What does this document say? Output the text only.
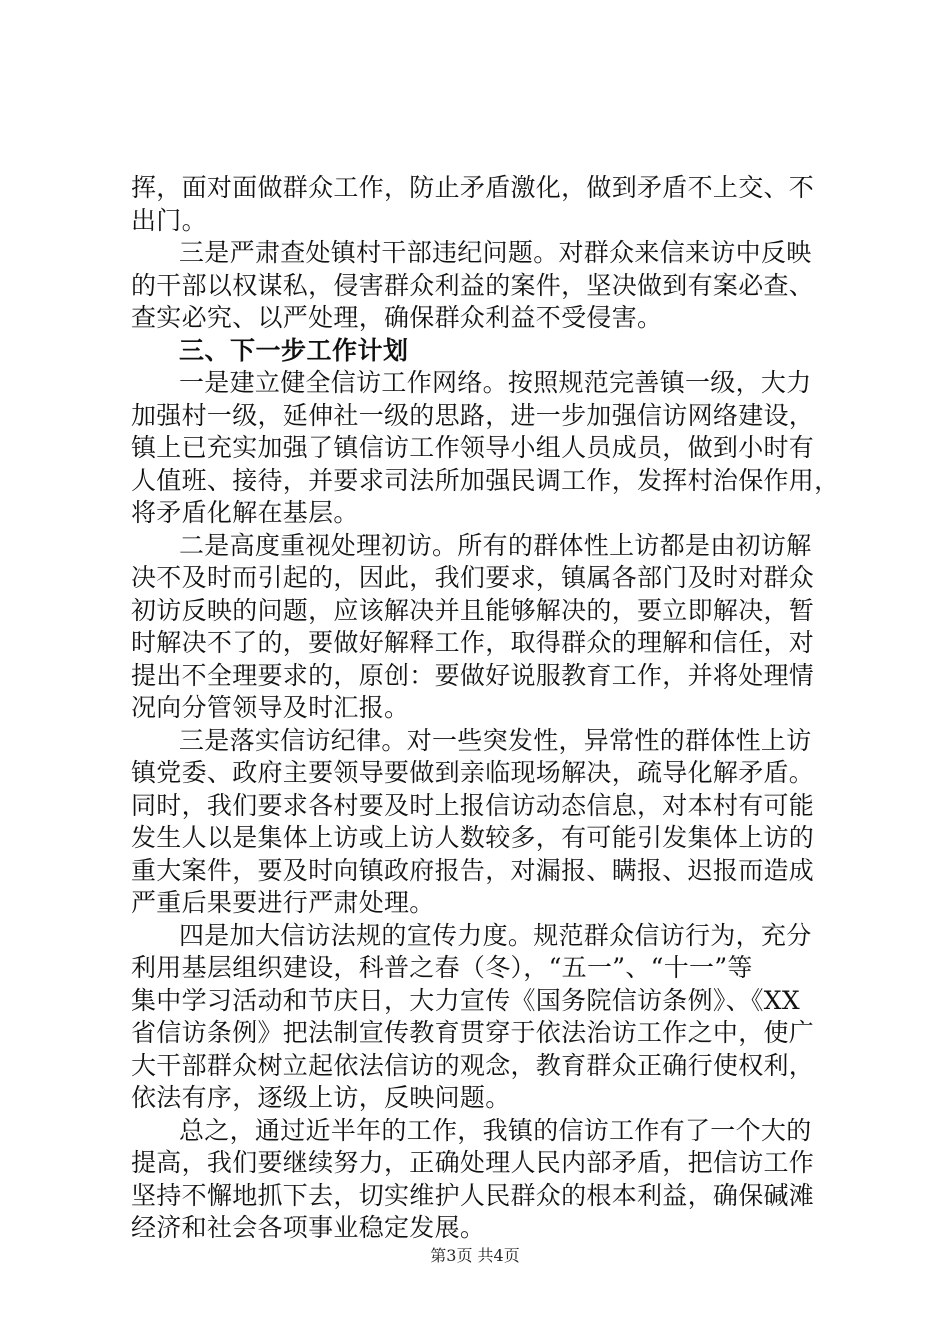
挥，面对面做群众工作，防止矛盾激化，做到矛盾不上交、不
出门。
三是严肃查处镇村干部违纪问题。对群众来信来访中反映
的干部以权谋私，侵害群众利益的案件，坚决做到有案必查、
查实必究、以严处理，确保群众利益不受侵害。
三、下一步工作计划
一是建立健全信访工作网络。按照规范完善镇一级，大力
加强村一级，延伸社一级的思路，进一步加强信访网络建设，
镇上已充实加强了镇信访工作领导小组人员成员，做到小时有
人值班、接待，并要求司法所加强民调工作，发挥村治保作用，
将矛盾化解在基层。
二是高度重视处理初访。所有的群体性上访都是由初访解
决不及时而引起的，因此，我们要求，镇属各部门及时对群众
初访反映的问题，应该解决并且能够解决的，要立即解决，暂
时解决不了的，要做好解释工作，取得群众的理解和信任，对
提出不全理要求的，原创：要做好说服教育工作，并将处理情
况向分管领导及时汇报。
三是落实信访纪律。对一些突发性，异常性的群体性上访
镇党委、政府主要领导要做到亲临现场解决，疏导化解矛盾。
同时，我们要求各村要及时上报信访动态信息，对本村有可能
发生人以是集体上访或上访人数较多，有可能引发集体上访的
重大案件，要及时向镇政府报告，对漏报、瞒报、迟报而造成
严重后果要进行严肃处理。
四是加大信访法规的宣传力度。规范群众信访行为，充分
利用基层组织建设，科普之春（冬），“五一”、“十一”等
集中学习活动和节庆日，大力宣传《国务院信访条例》、《XX
省信访条例》把法制宣传教育贯穿于依法治访工作之中，使广
大干部群众树立起依法信访的观念，教育群众正确行使权利，
依法有序，逐级上访，反映问题。
总之，通过近半年的工作，我镇的信访工作有了一个大的
提高，我们要继续努力，正确处理人民内部矛盾，把信访工作
坚持不懈地抓下去，切实维护人民群众的根本利益，确保碱滩
经济和社会各项事业稳定发展。
第3页 共4页
